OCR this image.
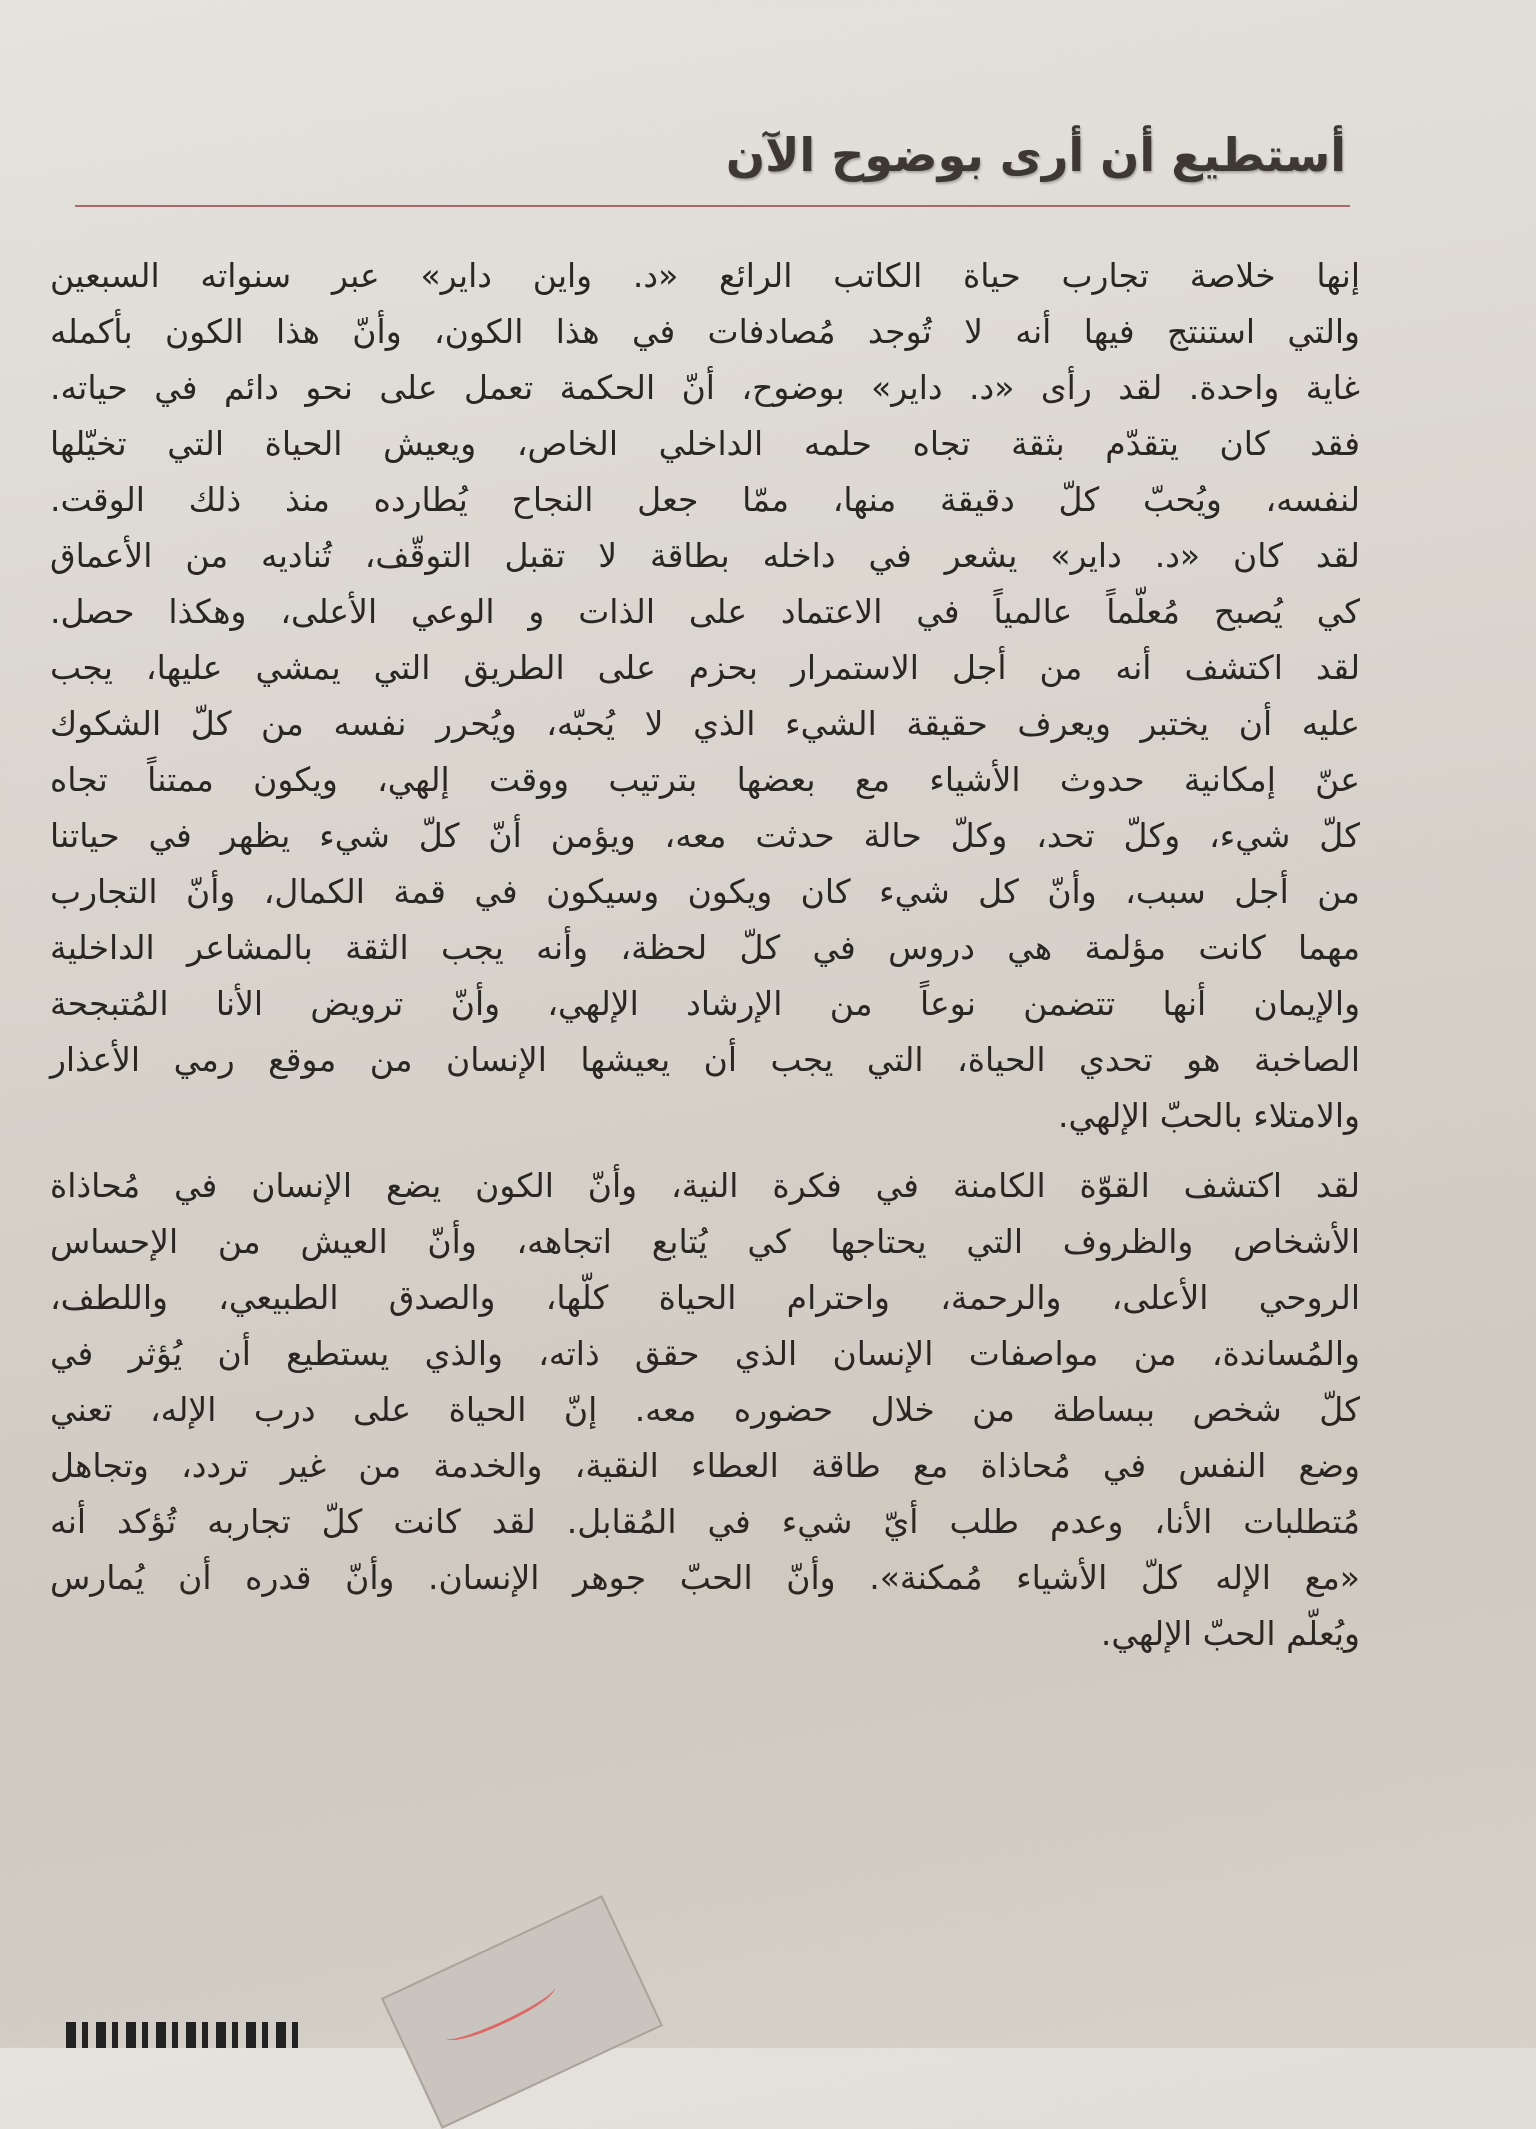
أستطيع أن أرى بوضوح الآن
إنها خلاصة تجارب حياة الكاتب الرائع «د. واين داير» عبر سنواته السبعين
والتي استنتج فيها أنه لا تُوجد مُصادفات في هذا الكون، وأنّ هذا الكون بأكمله
غاية واحدة. لقد رأى «د. داير» بوضوح، أنّ الحكمة تعمل على نحو دائم في حياته.
فقد كان يتقدّم بثقة تجاه حلمه الداخلي الخاص، ويعيش الحياة التي تخيّلها
لنفسه، ويُحبّ كلّ دقيقة منها، ممّا جعل النجاح يُطارده منذ ذلك الوقت.
لقد كان «د. داير» يشعر في داخله بطاقة لا تقبل التوقّف، تُناديه من الأعماق
كي يُصبح مُعلّماً عالمياً في الاعتماد على الذات و الوعي الأعلى، وهكذا حصل.
لقد اكتشف أنه من أجل الاستمرار بحزم على الطريق التي يمشي عليها، يجب
عليه أن يختبر ويعرف حقيقة الشيء الذي لا يُحبّه، ويُحرر نفسه من كلّ الشكوك
عنّ إمكانية حدوث الأشياء مع بعضها بترتيب ووقت إلهي، ويكون ممتناً تجاه
كلّ شيء، وكلّ تحد، وكلّ حالة حدثت معه، ويؤمن أنّ كلّ شيء يظهر في حياتنا
من أجل سبب، وأنّ كل شيء كان ويكون وسيكون في قمة الكمال، وأنّ التجارب
مهما كانت مؤلمة هي دروس في كلّ لحظة، وأنه يجب الثقة بالمشاعر الداخلية
والإيمان أنها تتضمن نوعاً من الإرشاد الإلهي، وأنّ ترويض الأنا المُتبجحة
الصاخبة هو تحدي الحياة، التي يجب أن يعيشها الإنسان من موقع رمي الأعذار
والامتلاء بالحبّ الإلهي.
لقد اكتشف القوّة الكامنة في فكرة النية، وأنّ الكون يضع الإنسان في مُحاذاة
الأشخاص والظروف التي يحتاجها كي يُتابع اتجاهه، وأنّ العيش من الإحساس
الروحي الأعلى، والرحمة، واحترام الحياة كلّها، والصدق الطبيعي، واللطف،
والمُساندة، من مواصفات الإنسان الذي حقق ذاته، والذي يستطيع أن يُؤثر في
كلّ شخص ببساطة من خلال حضوره معه. إنّ الحياة على درب الإله، تعني
وضع النفس في مُحاذاة مع طاقة العطاء النقية، والخدمة من غير تردد، وتجاهل
مُتطلبات الأنا، وعدم طلب أيّ شيء في المُقابل. لقد كانت كلّ تجاربه تُؤكد أنه
«مع الإله كلّ الأشياء مُمكنة». وأنّ الحبّ جوهر الإنسان. وأنّ قدره أن يُمارس
ويُعلّم الحبّ الإلهي.
